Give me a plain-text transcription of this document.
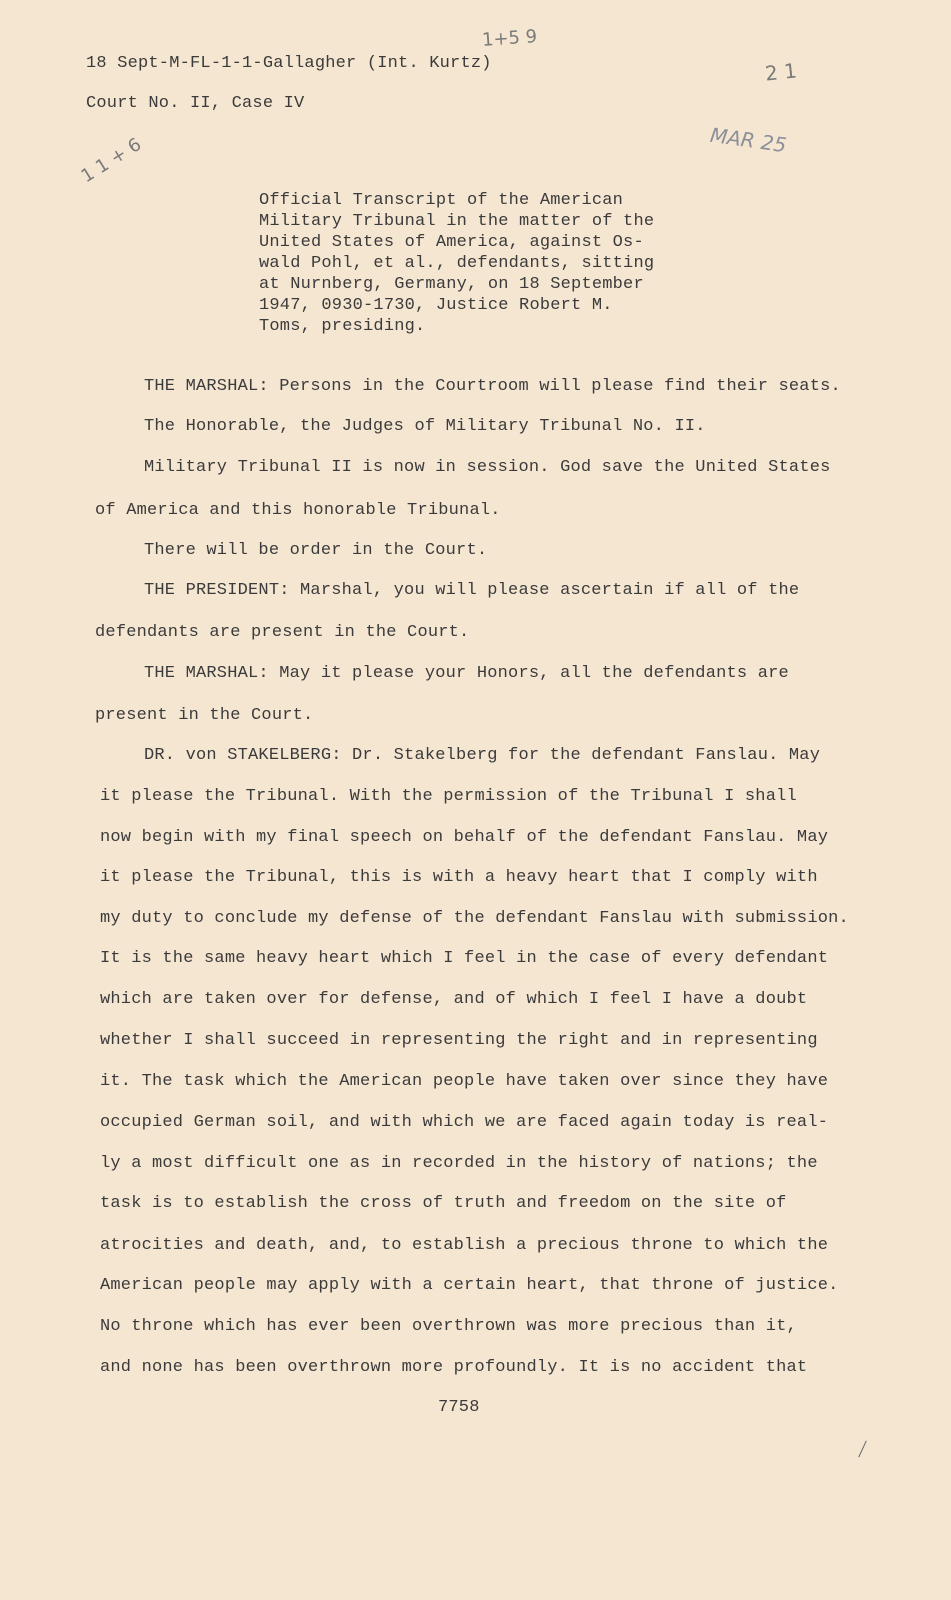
18 Sept-M-FL-1-1-Gallagher (Int. Kurtz)
Court No. II, Case IV
1+5 9
2 1
MAR 25
1 1 + 6
Official Transcript of the American
Military Tribunal in the matter of the
United States of America, against Os-
wald Pohl, et al., defendants, sitting
at Nurnberg, Germany, on 18 September
1947, 0930-1730, Justice Robert M.
Toms, presiding.
THE MARSHAL: Persons in the Courtroom will please find their seats.
The Honorable, the Judges of Military Tribunal No. II.
Military Tribunal II is now in session. God save the United States
of America and this honorable Tribunal.
There will be order in the Court.
THE PRESIDENT: Marshal, you will please ascertain if all of the
defendants are present in the Court.
THE MARSHAL: May it please your Honors, all the defendants are
present in the Court.
DR. von STAKELBERG: Dr. Stakelberg for the defendant Fanslau. May
it please the Tribunal. With the permission of the Tribunal I shall
now begin with my final speech on behalf of the defendant Fanslau. May
it please the Tribunal, this is with a heavy heart that I comply with
my duty to conclude my defense of the defendant Fanslau with submission.
It is the same heavy heart which I feel in the case of every defendant
which are taken over for defense, and of which I feel I have a doubt
whether I shall succeed in representing the right and in representing
it. The task which the American people have taken over since they have
occupied German soil, and with which we are faced again today is real-
ly a most difficult one as in recorded in the history of nations; the
task is to establish the cross of truth and freedom on the site of
atrocities and death, and, to establish a precious throne to which the
American people may apply with a certain heart, that throne of justice.
No throne which has ever been overthrown was more precious than it,
and none has been overthrown more profoundly. It is no accident that
7758
